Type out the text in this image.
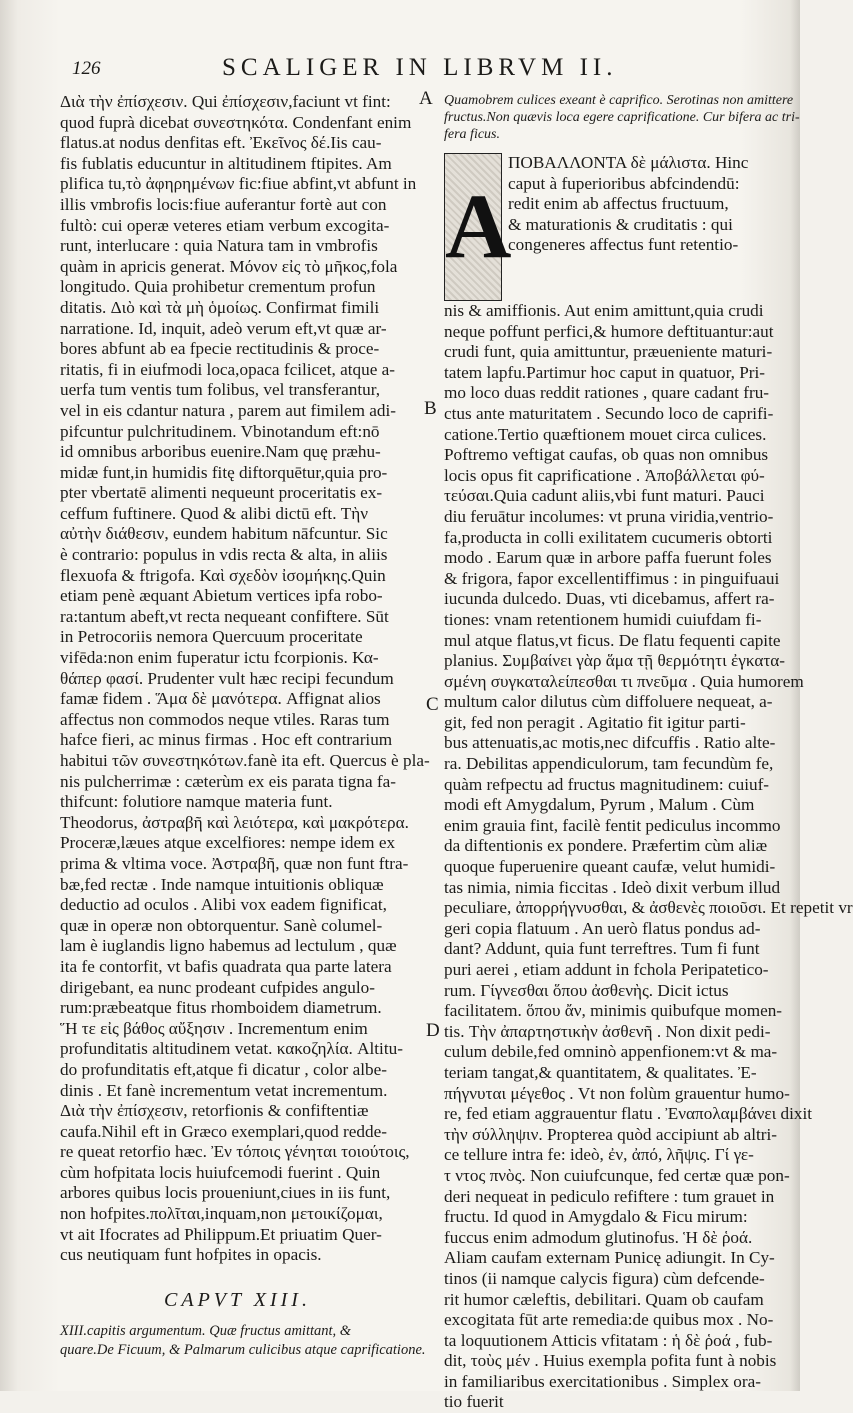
126	SCALIGER IN LIBRVM II.
A
B
C
D
Διὰ τὴν ἐπίσχεσιν. Qui ἐπίσχεσιν,faciunt vt fint:
quod fuprà dicebat συνεστηκότα. Condenfant enim
flatus.at nodus denfitas eft. Ἐκεῖνος δέ.Iis cau-
fis fublatis educuntur in altitudinem ftipites. Am
plifica tu,τὸ ἀφηρημένων fic:fiue abfint,vt abfunt in
illis vmbrofis locis:fiue auferantur fortè aut con
fultò: cui operæ veteres etiam verbum excogita-
runt, interlucare : quia Natura tam in vmbrofis
quàm in apricis generat. Μόνον εἰς τὸ μῆκος,fola
longitudo. Quia prohibetur crementum profun
ditatis. Διὸ καὶ τὰ μὴ ὁμοίως. Confirmat fimili
narratione. Id, inquit, adeò verum eft,vt quæ ar-
bores abfunt ab ea fpecie rectitudinis & proce-
ritatis, fi in eiufmodi loca,opaca fcilicet, atque a-
uerfa tum ventis tum folibus, vel transferantur,
vel in eis cdantur natura , parem aut fimilem adi-
pifcuntur pulchritudinem. Vbinotandum eft:nō
id omnibus arboribus euenire.Nam quę præhu-
midæ funt,in humidis fitę diftorquētur,quia pro-
pter vbertatē alimenti nequeunt proceritatis ex-
ceffum fuftinere. Quod & alibi dictū eft. Τὴν
αὐτὴν διάθεσιν, eundem habitum nāfcuntur. Sic
è contrario: populus in vdis recta & alta, in aliis
flexuofa & ftrigofa. Καὶ σχεδὸν ἰσομήκης.Quin
etiam penè æquant Abietum vertices ipfa robo-
ra:tantum abeft,vt recta nequeant confiftere. Sūt
in Petrocoriis nemora Quercuum proceritate
vifēda:non enim fuperatur ictu fcorpionis. Κα-
θάπερ φασί. Prudenter vult hæc recipi fecundum
famæ fidem . Ἅμα δὲ μανότερα. Affignat alios
affectus non commodos neque vtiles. Raras tum
hafce fieri, ac minus firmas . Hoc eft contrarium
habitui τῶν συνεστηκότων.fanè ita eft. Quercus è pla-
nis pulcherrimæ : cæterùm ex eis parata tigna fa-
thifcunt: folutiore namque materia funt.
Theodorus, ἀστραβῆ καὶ λειότερα, καὶ μακρότερα.
Proceræ,læues atque excelfiores: nempe idem ex
prima & vltima voce. Ἀστραβῆ, quæ non funt ftra-
bæ,fed rectæ . Inde namque intuitionis obliquæ
deductio ad oculos . Alibi vox eadem fignificat,
quæ in operæ non obtorquentur. Sanè columel-
lam è iuglandis ligno habemus ad lectulum , quæ
ita fe contorfit, vt bafis quadrata qua parte latera
dirigebant, ea nunc prodeant cufpides angulo-
rum:præbeatque fitus rhomboidem diametrum.
Ἥ τε εἰς βάθος αὔξησιν . Incrementum enim
profunditatis altitudinem vetat. κακοζηλία. Altitu-
do profunditatis eft,atque fi dicatur , color albe-
dinis . Et fanè incrementum vetat incrementum.
Διὰ τὴν ἐπίσχεσιν, retorfionis & confiftentiæ
caufa.Nihil eft in Græco exemplari,quod redde-
re queat retorfio hæc. Ἐν τόποις γένηται τοιούτοις,
cùm hofpitata locis huiufcemodi fuerint . Quin
arbores quibus locis proueniunt,ciues in iis funt,
non hofpites.πολῖται,inquam,non μετοικίζομαι,
vt ait Ifocrates ad Philippum.Et priuatim Quer-
cus neutiquam funt hofpites in opacis.
CAPVT XIII.
XIII.capitis argumentum. Quæ fructus amittant, &
quare.De Ficuum, & Palmarum culicibus atque caprificatione.
Quamobrem culices exeant è caprifico. Serotinas non amittere
fructus.Non quævis loca egere caprificatione. Cur bifera ac tri-
fera ficus.
A
ΠΟΒΑΛΛΟΝΤΑ δὲ μάλιστα. Hinc
caput à fuperioribus abfcindendū:
redit enim ab affectus fructuum,
& maturationis & cruditatis : qui
congeneres affectus funt retentio-
nis & amiffionis. Aut enim amittunt,quia crudi
neque poffunt perfici,& humore deftituantur:aut
crudi funt, quia amittuntur, præueniente maturi-
tatem lapfu.Partimur hoc caput in quatuor, Pri-
mo loco duas reddit rationes , quare cadant fru-
ctus ante maturitatem . Secundo loco de caprifi-
catione.Tertio quæftionem mouet circa culices.
Poftremo veftigat caufas, ob quas non omnibus
locis opus fit caprificatione . Ἀποβάλλεται φύ-
τεύσαι.Quia cadunt aliis,vbi funt maturi. Pauci
diu feruātur incolumes: vt pruna viridia,ventrio-
fa,producta in colli exilitatem cucumeris obtorti
modo . Earum quæ in arbore paffa fuerunt foles
& frigora, fapor excellentiffimus : in pinguifuaui
iucunda dulcedo. Duas, vti dicebamus, affert ra-
tiones: vnam retentionem humidi cuiufdam fi-
mul atque flatus,vt ficus. De flatu fequenti capite
planius. Συμβαίνει γὰρ ἅμα τῇ θερμότητι ἐγκατα-
σμένη συγκαταλείπεσθαι τι πνεῦμα . Quia humorem
multum calor dilutus cùm diffoluere nequeat, a-
git, fed non peragit . Agitatio fit igitur parti-
bus attenuatis,ac motis,nec difcuffis . Ratio alte-
ra. Debilitas appendiculorum, tam fecundùm fe,
quàm refpectu ad fructus magnitudinem: cuiuf-
modi eft Amygdalum, Pyrum , Malum . Cùm
enim grauia fint, facilè fentit pediculus incommo
da diftentionis ex pondere. Præfertim cùm aliæ
quoque fuperuenire queant caufæ, velut humidi-
tas nimia, nimia ficcitas . Ideò dixit verbum illud
peculiare, ἀπορρήγνυσθαι, & ἀσθενὲς ποιοῦσι. Et repetit vr
geri copia flatuum . An uerò flatus pondus ad-
dant? Addunt, quia funt terreftres. Tum fi funt
puri aerei , etiam addunt in fchola Peripatetico-
rum. Γίγνεσθαι ὅπου ἀσθενὴς. Dicit ictus
facilitatem. ὅπου ἄν, minimis quibufque momen-
tis. Τὴν ἀπαρτηστικὴν ἀσθενῆ . Non dixit pedi-
culum debile,fed omninò appenfionem:vt & ma-
teriam tangat,& quantitatem, & qualitates. Ἐ-
πήγνυται μέγεθος . Vt non folùm grauentur humo-
re, fed etiam aggrauentur flatu . Ἐναπολαμβάνει dixit
τὴν σύλληψιν. Propterea quòd accipiunt ab altri-
ce tellure intra fe: ideò, ἐν, ἀπό, λῆψις. Γί γε-
τ ντος πνὸς. Non cuiufcunque, fed certæ quæ pon-
deri nequeat in pediculo refiftere : tum grauet in
fructu. Id quod in Amygdalo & Ficu mirum:
fuccus enim admodum glutinofus. Ἡ δὲ ῥοά.
Aliam caufam externam Punicę adiungit. In Cy-
tinos (ii namque calycis figura) cùm defcende-
rit humor cæleftis, debilitari. Quam ob caufam
excogitata fūt arte remedia:de quibus mox . No-
ta loquutionem Atticis vfitatam : ἡ δὲ ῥοά , fub-
dit, τοὺς μέν . Huius exempla pofita funt à nobis
in familiaribus exercitationibus . Simplex ora-
tio fuerit
